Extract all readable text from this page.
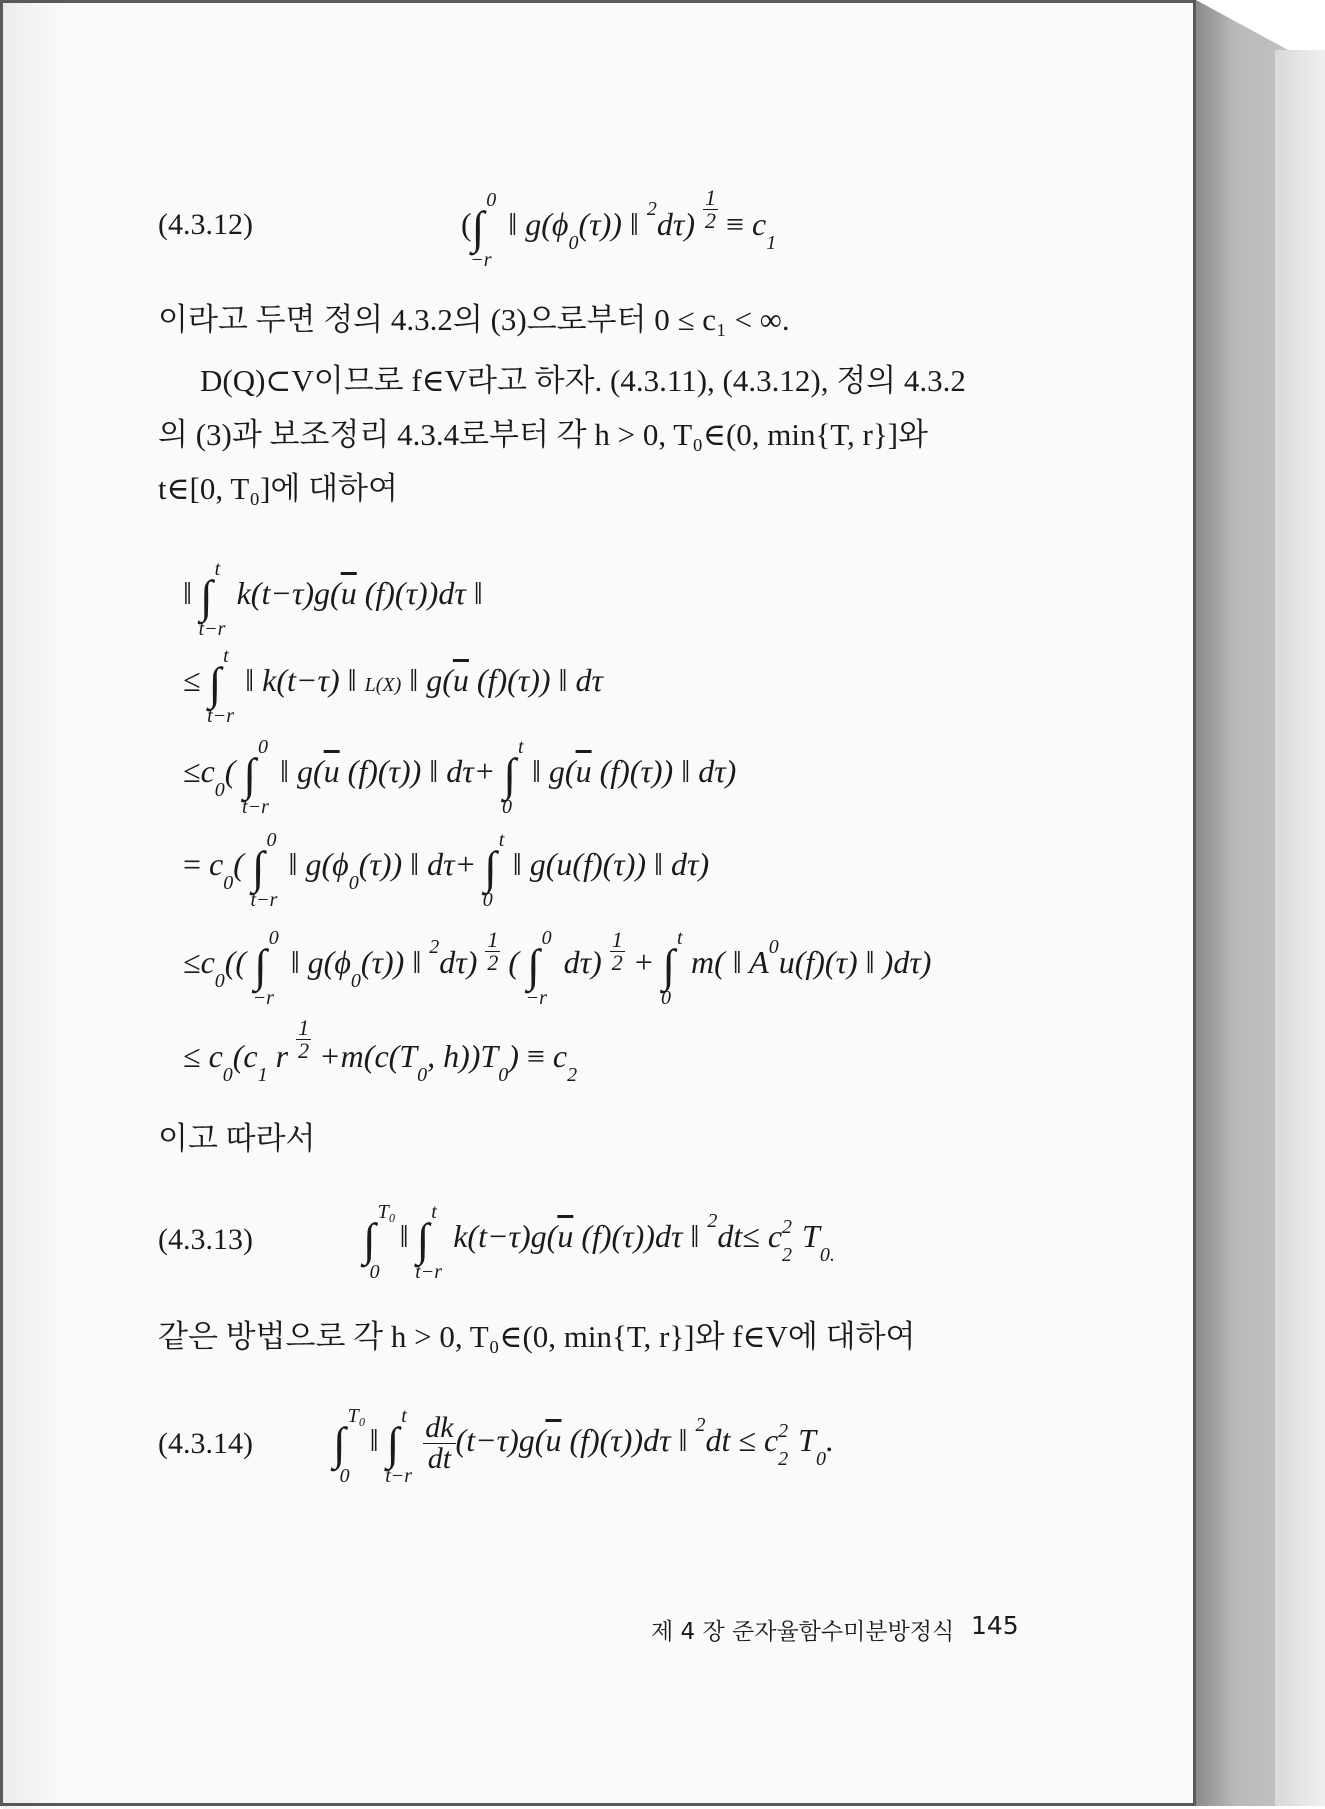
(4.3.12)	(∫
0
−r
‖ $g(\phi_0(\tau))$ ‖ $^2d\tau) \frac{1}{2} \equiv c_1$
이라고 두면 정의 4.3.2의 (3)으로부터 0 ≤ c₁ < ∞.
D(Q)⊂V이므로 f∈V라고 하자. (4.3.11), (4.3.12), 정의 4.3.2
의 (3)과 보조정리 4.3.4로부터 각 h > 0, T₀∈(0, min{T, r}]와
t∈[0, T₀]에 대하여
‖ ∫
t
t−r
$k(t-\tau)g(\overline{u}$ (f)(τ))dτ ‖
≤ ∫
t
t−r
‖ k(t−τ) ‖ L(X) ‖ $g(\overline{u}$ (f)(τ)) ‖ dτ
$\le c_0$( ∫
0
t−r
‖ $g(\overline{u}$ (f)(τ)) ‖ dτ+ ∫
t
0
‖ $g(\overline{u}$ (f)(τ)) ‖ dτ)
= $c_0$( ∫
0
t−r
‖ $g(\phi_0(\tau))$ ‖ dτ+ ∫
t
0
‖ g(u(f)(τ)) ‖ dτ)
$\le c_0$(( ∫
0
−r
‖ $g(\phi_0(\tau))$ ‖ $^2d\tau) \frac{1}{2}$ ( ∫
0
−r
$d\tau) \frac{1}{2}$ + ∫
t
0
m( ‖ $A^0u(f)(\tau)$ ‖ )dτ)
≤ $c_0(c_1$ r $\frac{1}{2} +m(c(T_0$, $h))T_0) \equiv c_2$
이고 따라서
(4.3.13) ∫
T₀
0
‖ ∫
t
t−r
$k(t-\tau)g(\overline{u}$ (f)(τ))dτ ‖ $^2dt\le c_2^2$ $T_{0.}$
같은 방법으로 각 h > 0, T₀∈(0, min{T, r}]와 f∈V에 대하여
(4.3.14) ∫
T₀
0
‖ ∫
t
t−r

$\frac{dk}{dt}(t-\tau)g(\overline{u}$ (f)(τ))dτ ‖ $^2dt \le c_2^2$ $T_0$.
제 4 장 준자율함수미분방정식 145
